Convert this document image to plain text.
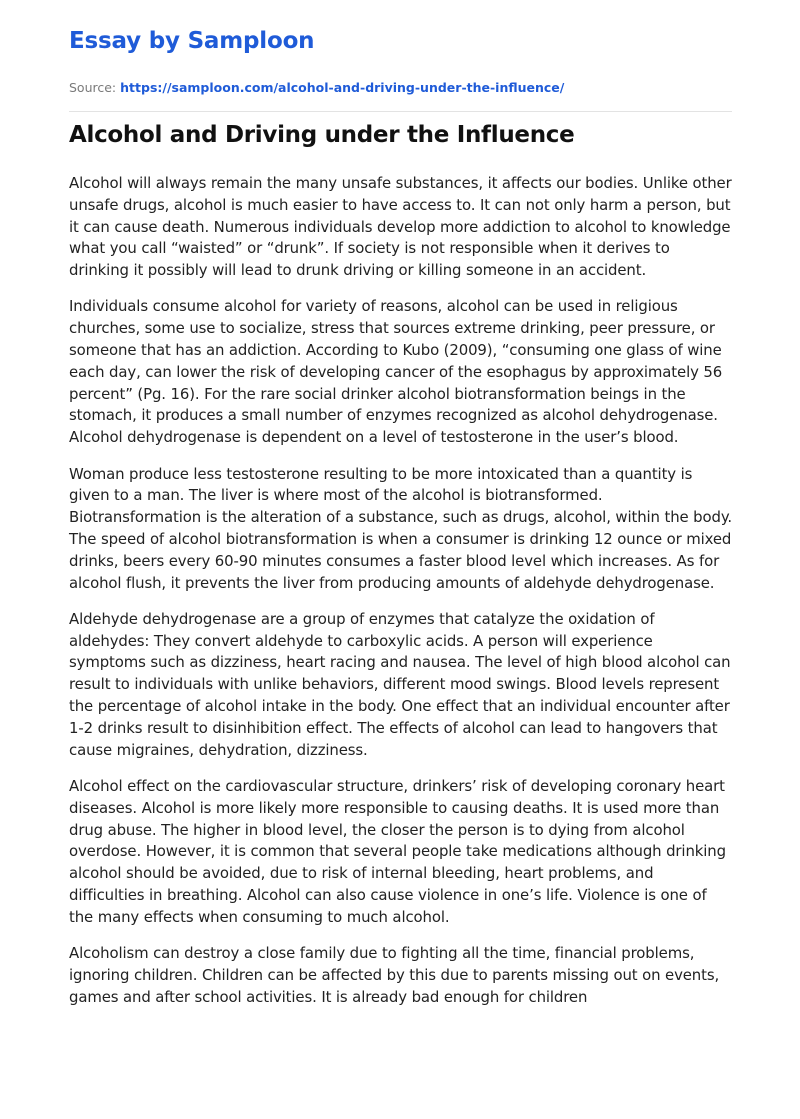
Essay by Samploon
Source: https://samploon.com/alcohol-and-driving-under-the-influence/
Alcohol and Driving under the Influence

Alcohol will always remain the many unsafe substances, it affects our bodies. Unlike other unsafe drugs, alcohol is much easier to have access to. It can not only harm a person, but it can cause death. Numerous individuals develop more addiction to alcohol to knowledge what you call “waisted” or “drunk”. If society is not responsible when it derives to drinking it possibly will lead to drunk driving or killing someone in an accident.

Individuals consume alcohol for variety of reasons, alcohol can be used in religious churches, some use to socialize, stress that sources extreme drinking, peer pressure, or someone that has an addiction. According to Kubo (2009), “consuming one glass of wine each day, can lower the risk of developing cancer of the esophagus by approximately 56 percent” (Pg. 16). For the rare social drinker alcohol biotransformation beings in the stomach, it produces a small number of enzymes recognized as alcohol dehydrogenase. Alcohol dehydrogenase is dependent on a level of testosterone in the user’s blood.

Woman produce less testosterone resulting to be more intoxicated than a quantity is given to a man. The liver is where most of the alcohol is biotransformed. Biotransformation is the alteration of a substance, such as drugs, alcohol, within the body. The speed of alcohol biotransformation is when a consumer is drinking 12 ounce or mixed drinks, beers every 60-90 minutes consumes a faster blood level which increases. As for alcohol flush, it prevents the liver from producing amounts of aldehyde dehydrogenase.

Aldehyde dehydrogenase are a group of enzymes that catalyze the oxidation of aldehydes: They convert aldehyde to carboxylic acids. A person will experience symptoms such as dizziness, heart racing and nausea. The level of high blood alcohol can result to individuals with unlike behaviors, different mood swings. Blood levels represent the percentage of alcohol intake in the body. One effect that an individual encounter after 1-2 drinks result to disinhibition effect. The effects of alcohol can lead to hangovers that cause migraines, dehydration, dizziness.

Alcohol effect on the cardiovascular structure, drinkers’ risk of developing coronary heart diseases. Alcohol is more likely more responsible to causing deaths. It is used more than drug abuse. The higher in blood level, the closer the person is to dying from alcohol overdose. However, it is common that several people take medications although drinking alcohol should be avoided, due to risk of internal bleeding, heart problems, and difficulties in breathing. Alcohol can also cause violence in one’s life. Violence is one of the many effects when consuming to much alcohol.

Alcoholism can destroy a close family due to fighting all the time, financial problems, ignoring children. Children can be affected by this due to parents missing out on events, games and after school activities. It is already bad enough for children
